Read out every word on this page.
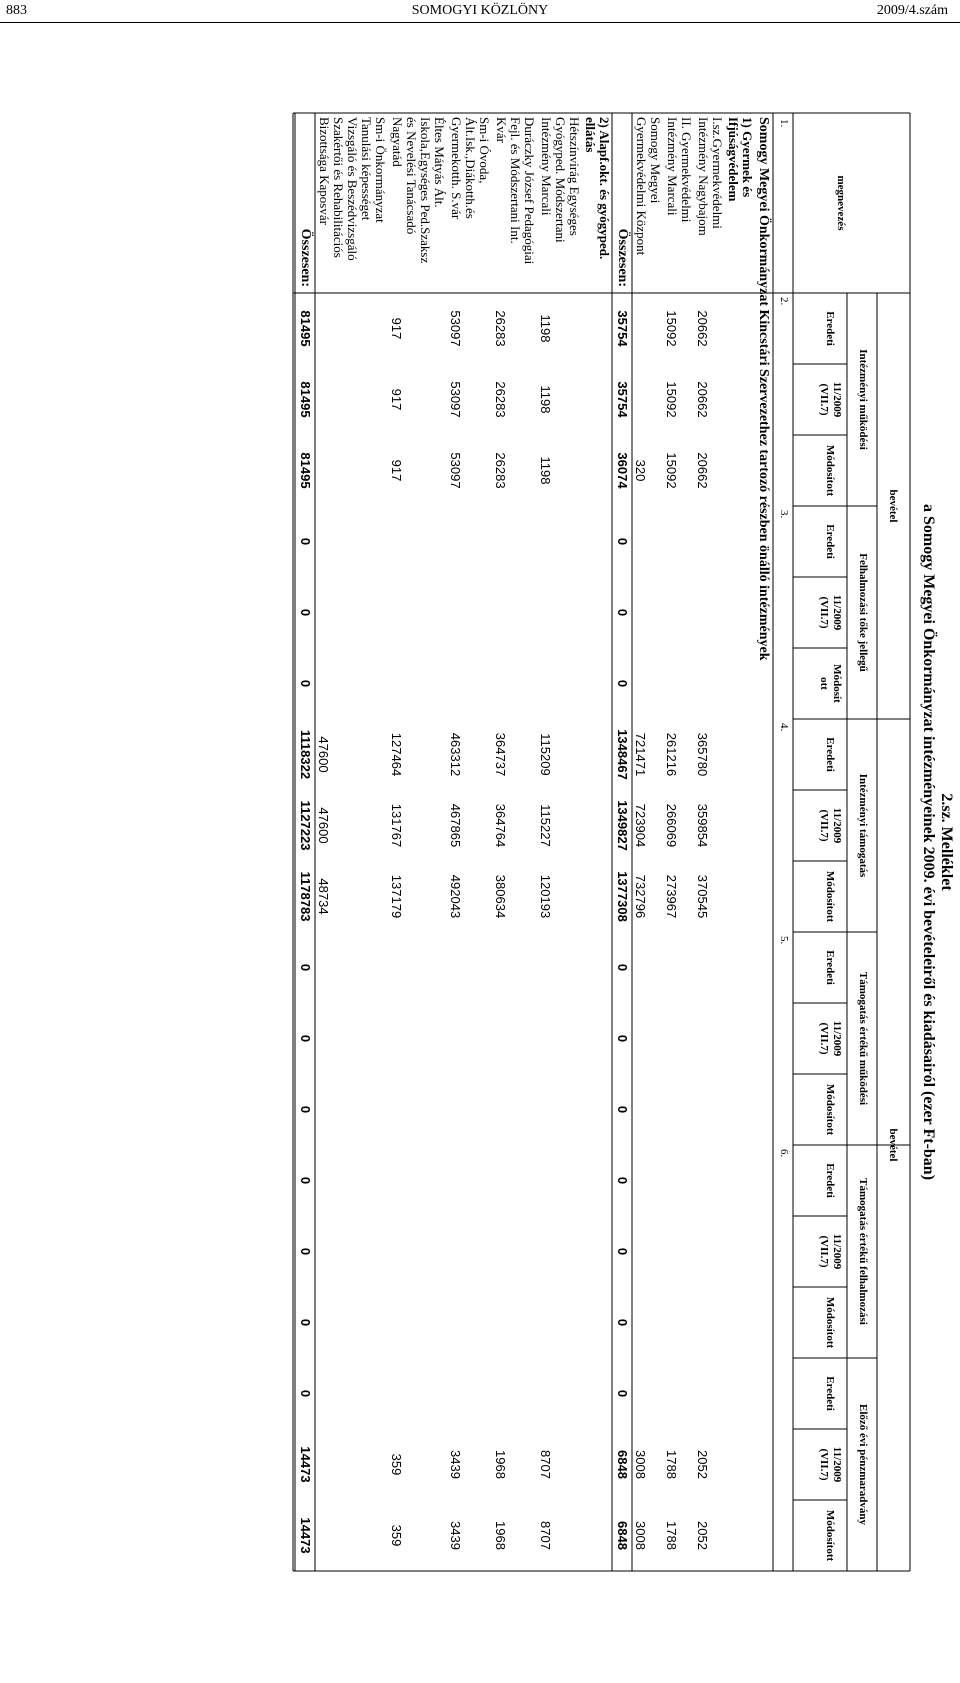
883	SOMOGYI KÖZLÖNY	2009/4.szám
2.sz. Melléklet
a Somogy Megyei Önkormányzat intézményeinek 2009. évi bevételeiről és kiadásairól (ezer Ft-ban)
bevétel
bevétel
megnevezés
Intézményi működési
Felhalmozási tőke jellegű
Intézményi támogatás
Támogatás értékű működési
Támogatás értékű felhalmozási
Előző évi pénzmaradvány
Eredeti
11/2009
(VII.7)
Módosított
Eredeti
11/2009
(VII.7)
Módosít
ott
Eredeti
11/2009
(VII.7)
Módosított
Eredeti
11/2009
(VII.7)
Módosított
Eredeti
11/2009
(VII.7)
Módosított
Eredeti
11/2009
(VII.7)
Módosított
1.
2.
3.
4.
5.
6.
Somogy Megyei Önkormányzat Kincstári Szervezethez tartozó részben önálló intézmények
1) Gyermek és
Ifjúságvédelem
I.sz.Gyermekvédelmi
Intézmény Nagybajom
20662
20662
20662
365780
359854
370545
2052
2052
II. Gyermekvédelmi
Intézmény Marcali
15092
15092
15092
261216
266069
273967
1788
1788
Somogy Megyei
Gyermekvédelmi Központ
320
721471
723904
732796
3008
3008
Összesen:
35754
35754
36074
0
0
0
1348467
1349827
1377308
0
0
0
0
0
0
0
6848
6848
2) Alapf.okt. és gyógyped.
ellátás
Hétszínvirág Egységes
Gyógyped. Módszertani
Intézmény Marcali
1198
1198
1198
115209
115227
120193
8707
8707
Duráczky József Pedagógiai
Fejl. és Módszertani Int.
Kvár
26283
26283
26283
364737
364764
380634
1968
1968
Sm-i Óvoda,
Ált.Isk.,Diákotth.és
Gyermekotth. S.vár
53097
53097
53097
463312
467865
492043
3439
3439
Éltes Mátyás Ált.
Iskola,Egységes Ped.Szaksz
és Nevelési Tanácsadó
Nagyatád
917
917
917
127464
131767
137179
359
359
Sm-i Önkormányzat
Tanulási képességet
Vizsgáló és Beszédvizsgáló
Szakértői és Rehabilitációs
Bizottsága Kaposvár
47600
47600
48734
Összesen:
81495
81495
81495
0
0
0
1118322
1127223
1178783
0
0
0
0
0
0
0
14473
14473
